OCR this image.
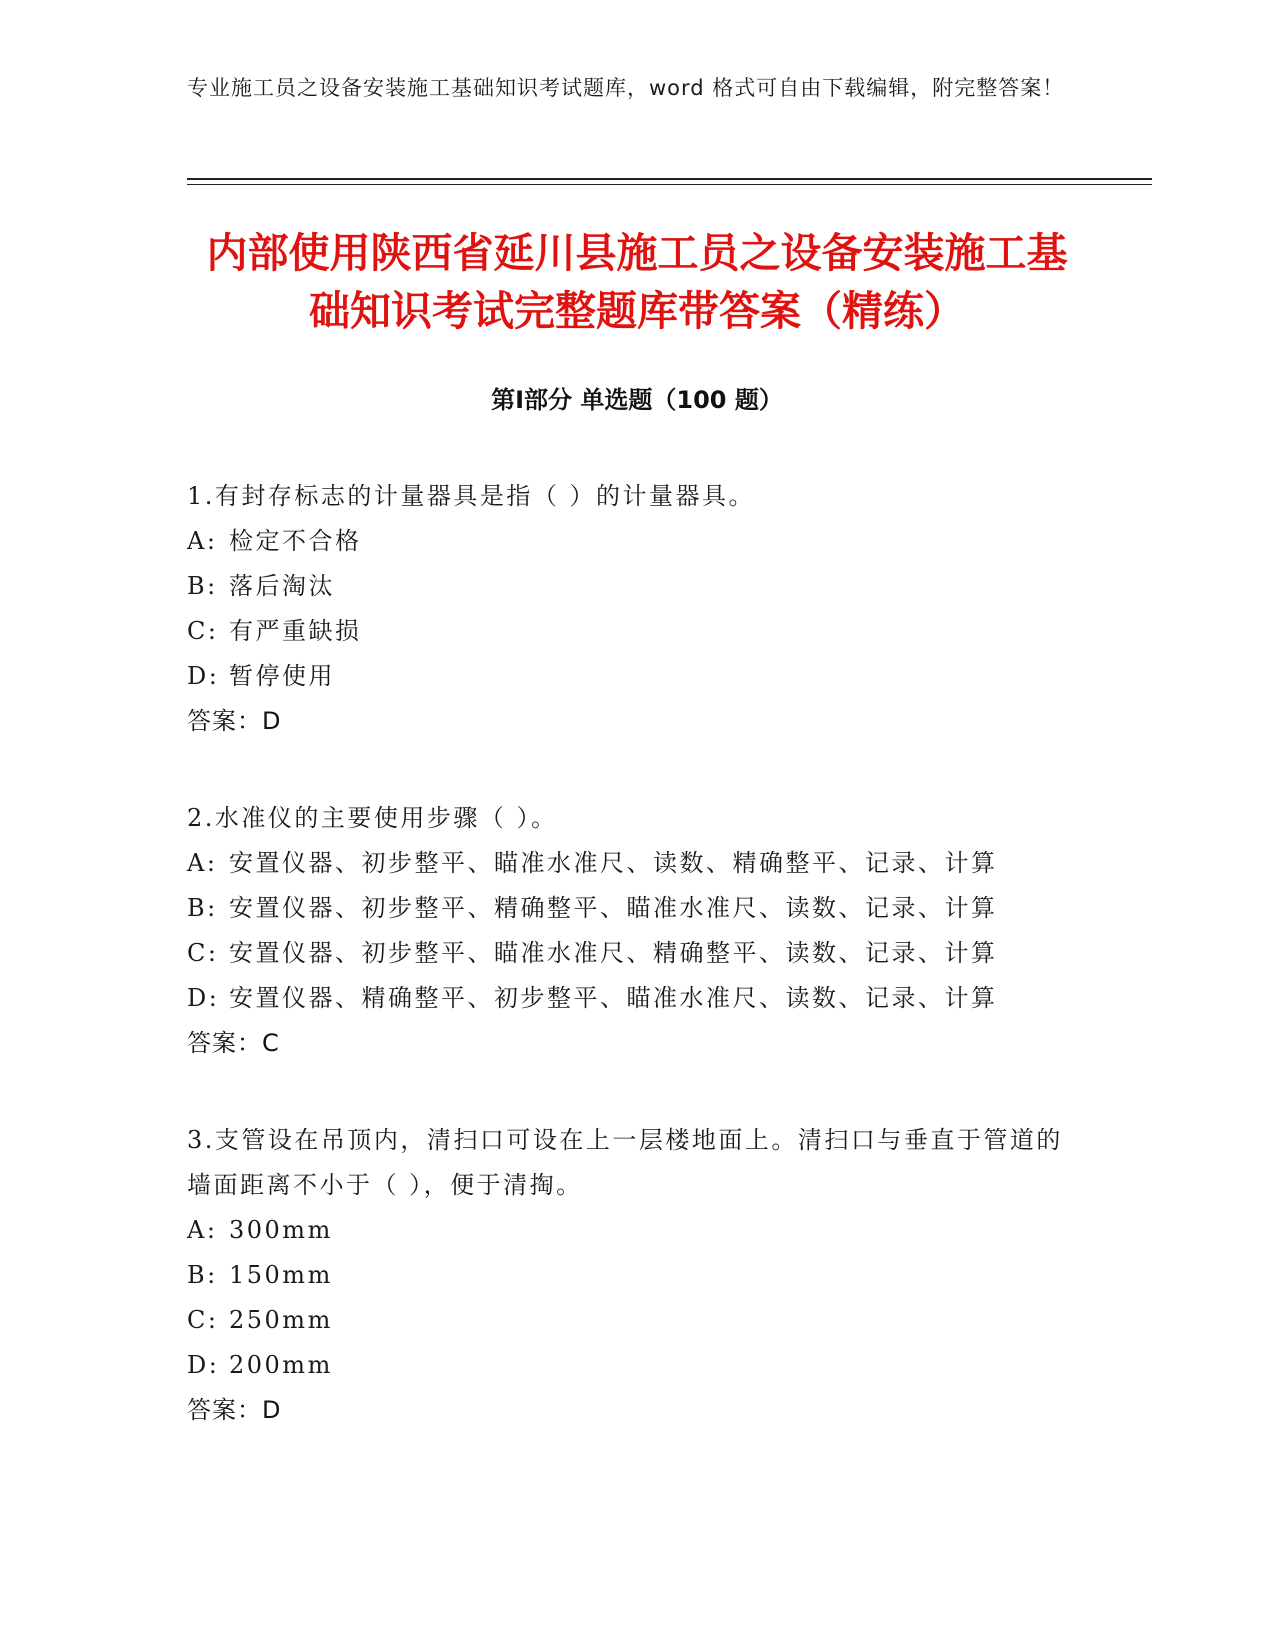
专业施工员之设备安装施工基础知识考试题库，word 格式可自由下载编辑，附完整答案！

内部使用陕西省延川县施工员之设备安装施工基础知识考试完整题库带答案（精练）
第Ⅰ部分 单选题（100 题）

1.有封存标志的计量器具是指（ ）的计量器具。

A: 检定不合格

B: 落后淘汰

C: 有严重缺损

D: 暂停使用

答案：D

2.水准仪的主要使用步骤（ ）。

A: 安置仪器、初步整平、瞄准水准尺、读数、精确整平、记录、计算

B: 安置仪器、初步整平、精确整平、瞄准水准尺、读数、记录、计算

C: 安置仪器、初步整平、瞄准水准尺、精确整平、读数、记录、计算

D: 安置仪器、精确整平、初步整平、瞄准水准尺、读数、记录、计算

答案：C

3.支管设在吊顶内，清扫口可设在上一层楼地面上。清扫口与垂直于管道的墙面距离不小于（ ），便于清掏。

A: 300mm

B: 150mm

C: 250mm

D: 200mm

答案：D
